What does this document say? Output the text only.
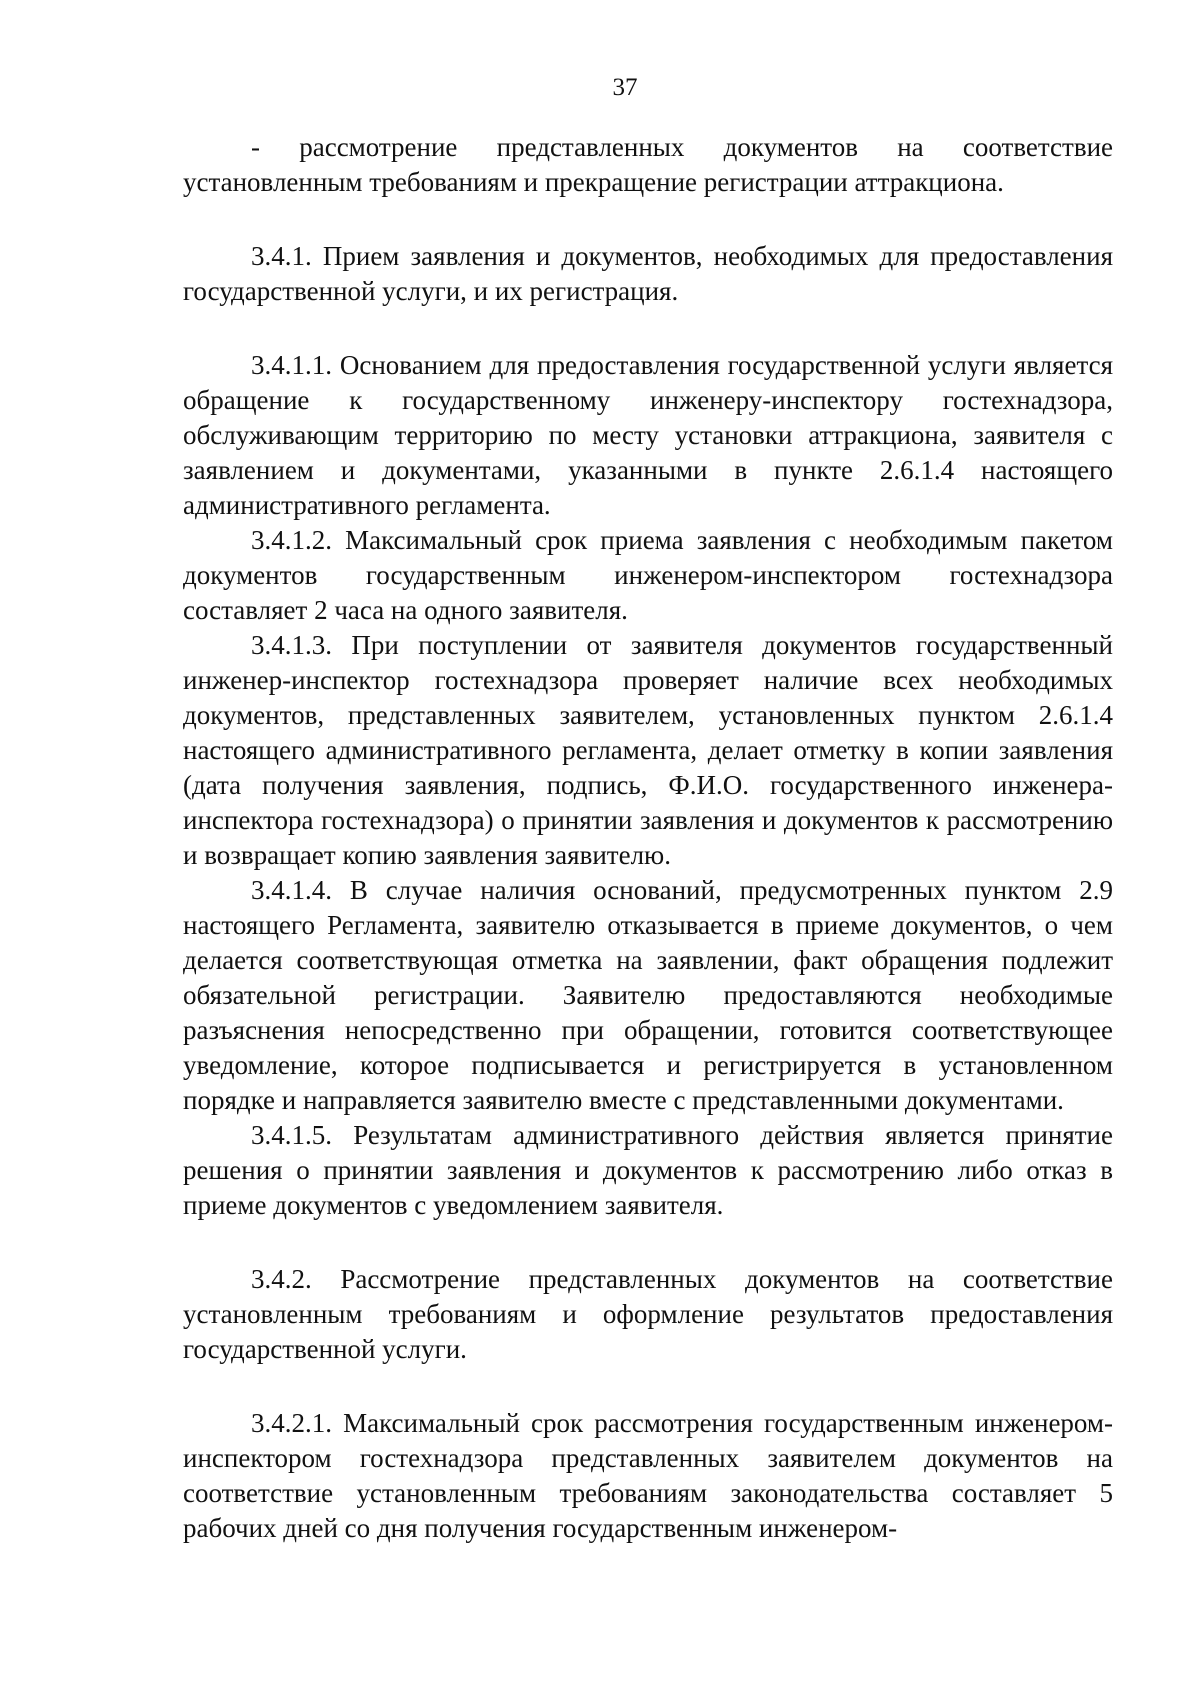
37

- рассмотрение представленных документов на соответствие установленным требованиям и прекращение регистрации аттракциона.

3.4.1. Прием заявления и документов, необходимых для предоставления государственной услуги, и их регистрация.

3.4.1.1. Основанием для предоставления государственной услуги является обращение к государственному инженеру-инспектору гостехнадзора, обслуживающим территорию по месту установки аттракциона, заявителя с заявлением и документами, указанными в пункте 2.6.1.4 настоящего административного регламента.

3.4.1.2. Максимальный срок приема заявления с необходимым пакетом документов государственным инженером-инспектором гостехнадзора составляет 2 часа на одного заявителя.

3.4.1.3. При поступлении от заявителя документов государственный инженер-инспектор гостехнадзора проверяет наличие всех необходимых документов, представленных заявителем, установленных пунктом 2.6.1.4 настоящего административного регламента, делает отметку в копии заявления (дата получения заявления, подпись, Ф.И.О. государственного инженера-инспектора гостехнадзора) о принятии заявления и документов к рассмотрению и возвращает копию заявления заявителю.

3.4.1.4. В случае наличия оснований, предусмотренных пунктом 2.9 настоящего Регламента, заявителю отказывается в приеме документов, о чем делается соответствующая отметка на заявлении, факт обращения подлежит обязательной регистрации. Заявителю предоставляются необходимые разъяснения непосредственно при обращении, готовится соответствующее уведомление, которое подписывается и регистрируется в установленном порядке и направляется заявителю вместе с представленными документами.

3.4.1.5. Результатам административного действия является принятие решения о принятии заявления и документов к рассмотрению либо отказ в приеме документов с уведомлением заявителя.

3.4.2. Рассмотрение представленных документов на соответствие установленным требованиям и оформление результатов предоставления государственной услуги.

3.4.2.1. Максимальный срок рассмотрения государственным инженером-инспектором гостехнадзора представленных заявителем документов на соответствие установленным требованиям законодательства составляет 5 рабочих дней со дня получения государственным инженером-
